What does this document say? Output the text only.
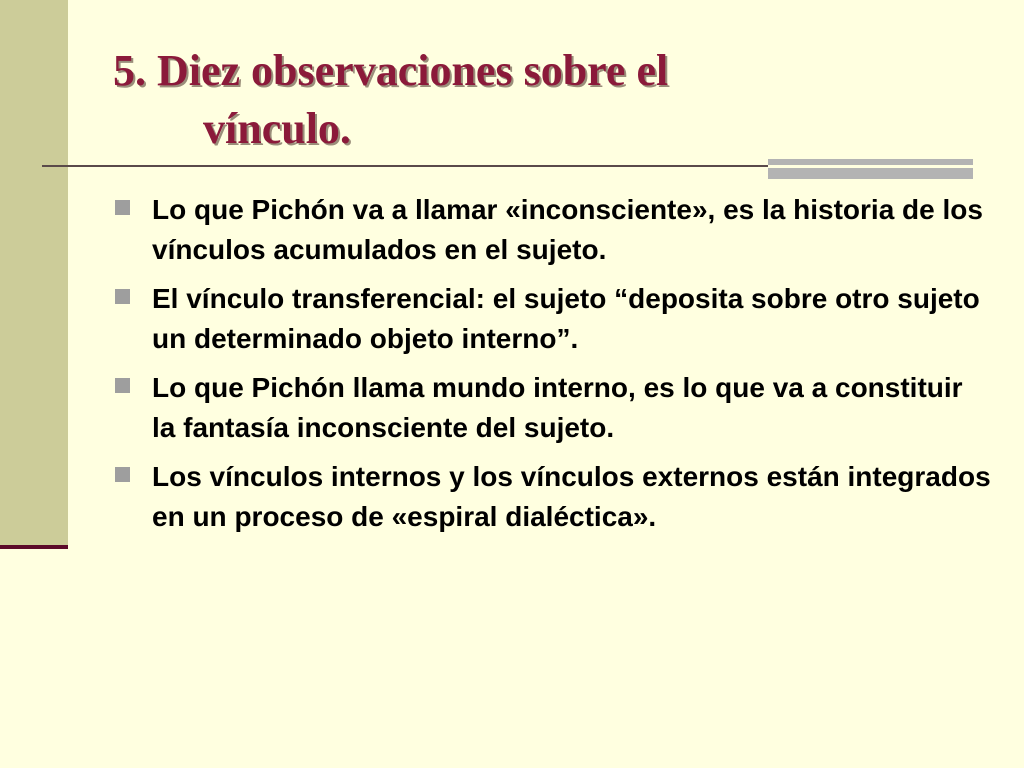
5. Diez observaciones sobre el
vínculo.
Lo que Pichón va a llamar «inconsciente», es la historia de los vínculos acumulados en el sujeto.
El vínculo transferencial: el sujeto “deposita sobre otro sujeto un determinado objeto interno”.
Lo que Pichón llama mundo interno, es lo que va a constituir la fantasía inconsciente del sujeto.
Los vínculos internos y los vínculos externos están integrados en un proceso de «espiral dialéctica».
